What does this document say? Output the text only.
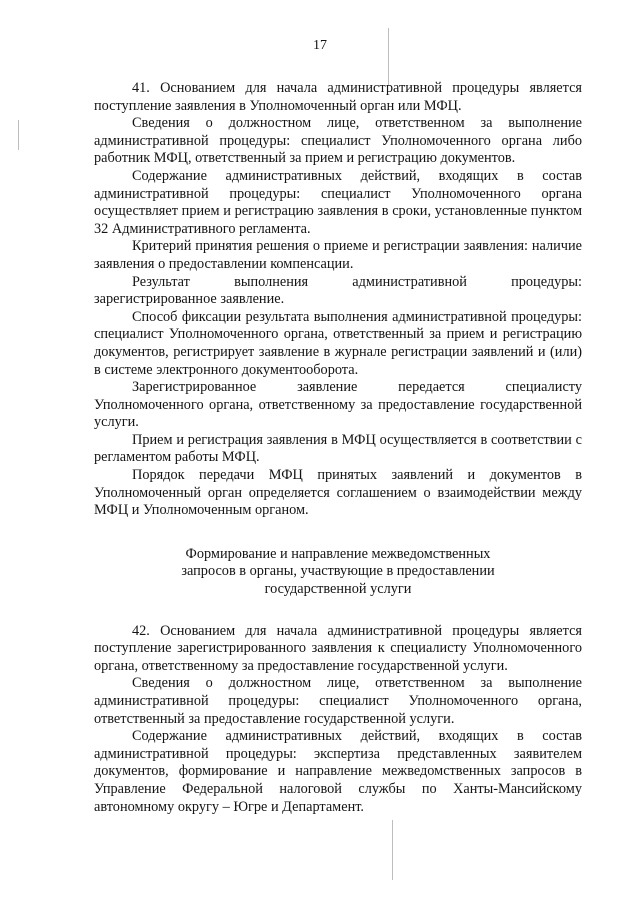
17

41. Основанием для начала административной процедуры является поступление заявления в Уполномоченный орган или МФЦ.

Сведения о должностном лице, ответственном за выполнение административной процедуры: специалист Уполномоченного органа либо работник МФЦ, ответственный за прием и регистрацию документов.

Содержание административных действий, входящих в состав административной процедуры: специалист Уполномоченного органа осуществляет прием и регистрацию заявления в сроки, установленные пунктом 32 Административного регламента.

Критерий принятия решения о приеме и регистрации заявления: наличие заявления о предоставлении компенсации.

Результат выполнения административной процедуры: зарегистрированное заявление.

Способ фиксации результата выполнения административной процедуры: специалист Уполномоченного органа, ответственный за прием и регистрацию документов, регистрирует заявление в журнале регистрации заявлений и (или) в системе электронного документооборота.

Зарегистрированное заявление передается специалисту Уполномоченного органа, ответственному за предоставление государственной услуги.

Прием и регистрация заявления в МФЦ осуществляется в соответствии с регламентом работы МФЦ.

Порядок передачи МФЦ принятых заявлений и документов в Уполномоченный орган определяется соглашением о взаимодействии между МФЦ и Уполномоченным органом.

Формирование и направление межведомственных
запросов в органы, участвующие в предоставлении
государственной услуги

42. Основанием для начала административной процедуры является поступление зарегистрированного заявления к специалисту Уполномоченного органа, ответственному за предоставление государственной услуги.

Сведения о должностном лице, ответственном за выполнение административной процедуры: специалист Уполномоченного органа, ответственный за предоставление государственной услуги.

Содержание административных действий, входящих в состав административной процедуры: экспертиза представленных заявителем документов, формирование и направление межведомственных запросов в Управление Федеральной налоговой службы по Ханты-Мансийскому автономному округу – Югре и Департамент.
